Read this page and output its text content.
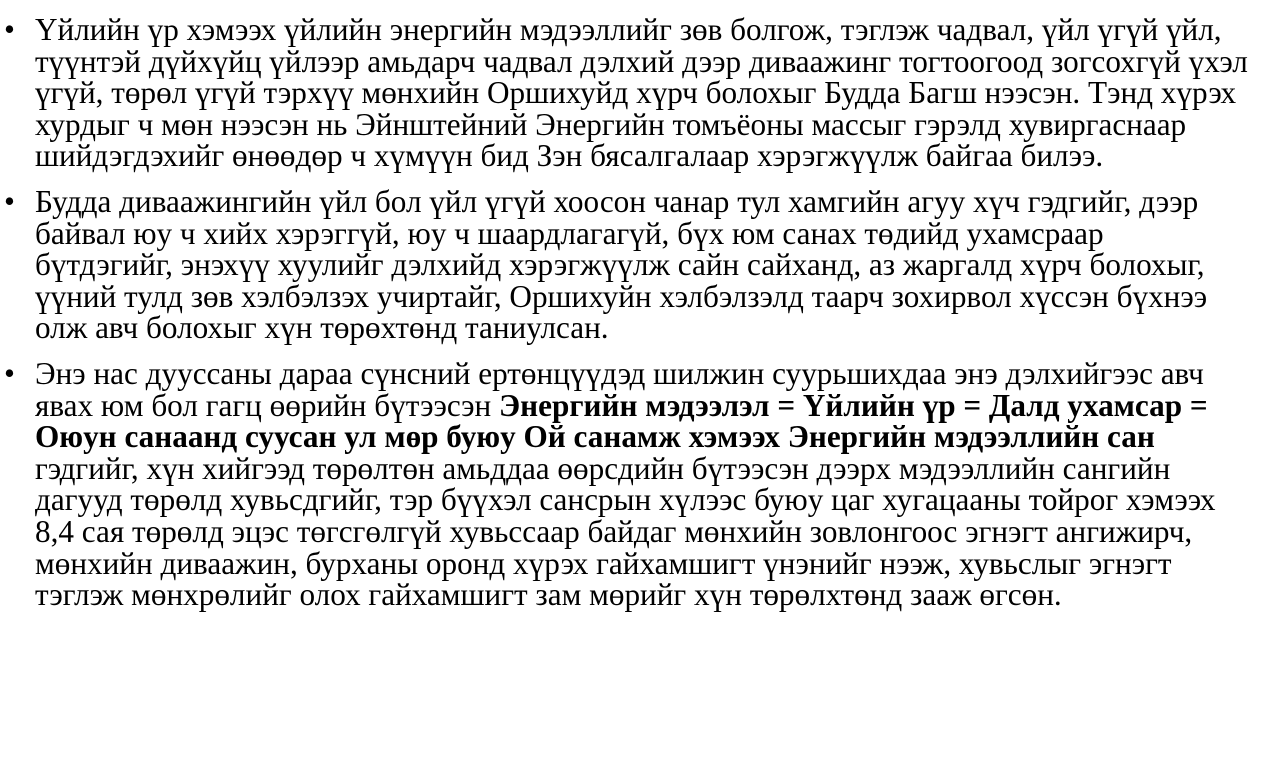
• Үйлийн үр хэмээх үйлийн энергийн мэдээллийг зөв болгож, тэглэж чадвал, үйл үгүй үйл, түүнтэй дүйхүйц үйлээр амьдарч чадвал дэлхий дээр диваажинг тогтоогоод зогсохгүй үхэл үгүй, төрөл үгүй тэрхүү мөнхийн Оршихуйд хүрч болохыг Будда Багш нээсэн. Тэнд хүрэх хурдыг ч мөн нээсэн нь Эйнштейний Энергийн томъёоны массыг гэрэлд хувиргаснаар шийдэгдэхийг өнөөдөр ч хүмүүн бид Зэн бясалгалаар хэрэгжүүлж байгаа билээ.
• Будда диваажингийн үйл бол үйл үгүй хоосон чанар тул хамгийн агуу хүч гэдгийг, дээр байвал юу ч хийх хэрэггүй, юу ч шаардлагагүй, бүх юм санах төдийд ухамсраар бүтдэгийг, энэхүү хуулийг дэлхийд хэрэгжүүлж сайн сайханд, аз жаргалд хүрч болохыг, үүний тулд зөв хэлбэлзэх учиртайг, Оршихуйн хэлбэлзэлд таарч зохирвол хүссэн бүхнээ олж авч болохыг хүн төрөхтөнд таниулсан.
• Энэ нас дуусcаны дараа сүнсний ертөнцүүдэд шилжин суурьшихдаа энэ дэлхийгээс авч явах юм бол гагц өөрийн бүтээсэн Энергийн мэдээлэл = Үйлийн үр = Далд ухамсар = Оюун санаанд суусан ул мөр буюу Ой санамж хэмээх Энергийн мэдээллийн сан гэдгийг, хүн хийгээд төрөлтөн амьддаа өөрсдийн бүтээсэн дээрх мэдээллийн сангийн дагууд төрөлд хувьсдгийг, тэр бүүхэл сансрын хүлээс буюу цаг хугацааны тойрог хэмээх 8,4 сая төрөлд эцэс төгсгөлгүй хувьссаар байдаг мөнхийн зовлонгоос эгнэгт ангижирч, мөнхийн диваажин, бурханы оронд хүрэх гайхамшигт үнэнийг нээж, хувьслыг эгнэгт тэглэж мөнхрөлийг олох гайхамшигт зам мөрийг хүн төрөлхтөнд зааж өгсөн.
